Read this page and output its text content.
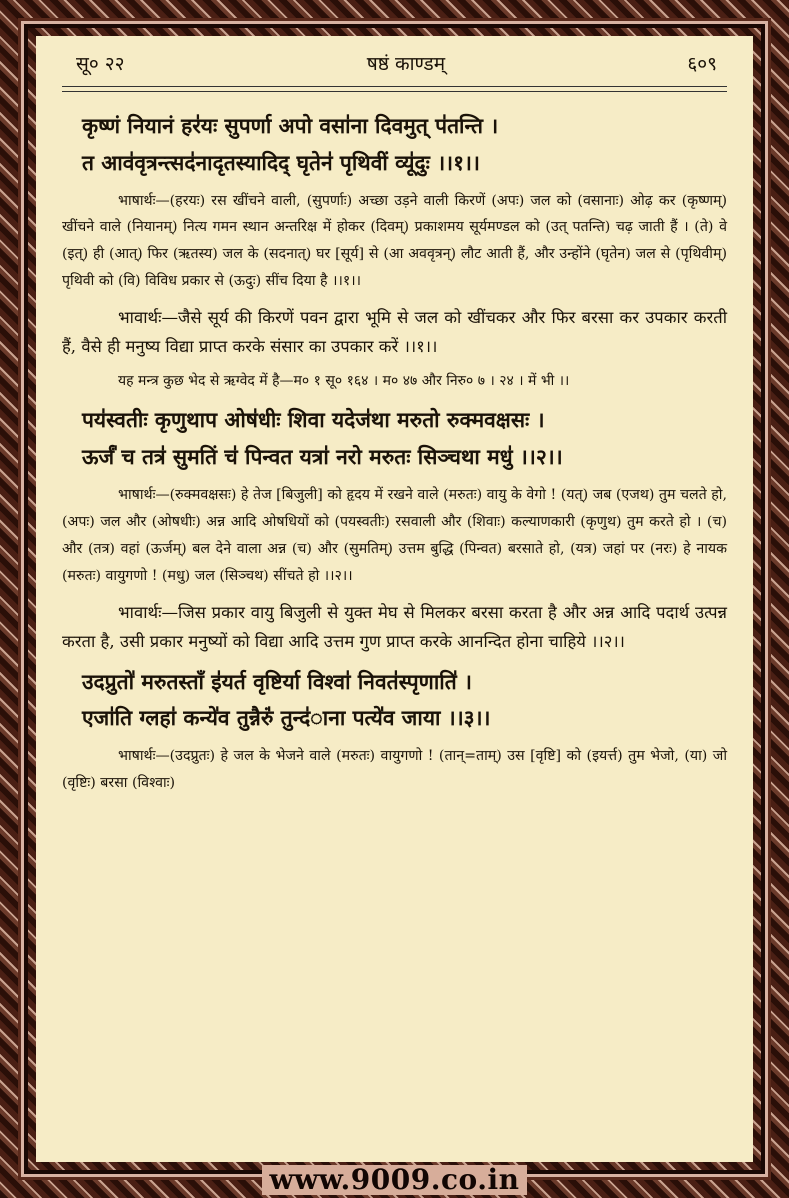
सू० २२	षष्ठं काण्डम्	६०९

कृष्णं नियानं हर॑यः सुपर्णा अपो वसा॑ना दिवमुत् प॑तन्ति ।

त आव॑वृत्रन्त्सद॑नादृतस्यादिद् घृतेन॑ पृथिवीं व्यू॑दुः ।।१।।

भाषार्थः—(हरयः) रस खींचने वाली, (सुपर्णाः) अच्छा उड़ने वाली किरणें (अपः) जल को (वसानाः) ओढ़ कर (कृष्णम्) खींचने वाले (नियानम्) नित्य गमन स्थान अन्तरिक्ष में होकर (दिवम्) प्रकाशमय सूर्यमण्डल को (उत् पतन्ति) चढ़ जाती हैं । (ते) वे (इत्) ही (आत्) फिर (ऋतस्य) जल के (सदनात्) घर [सूर्य] से (आ अववृत्रन्) लौट आती हैं, और उन्होंने (घृतेन) जल से (पृथिवीम्) पृथिवी को (वि) विविध प्रकार से (ऊदुः) सींच दिया है ।।१।।

भावार्थः—जैसे सूर्य की किरणें पवन द्वारा भूमि से जल को खींचकर और फिर बरसा कर उपकार करती हैं, वैसे ही मनुष्य विद्या प्राप्त करके संसार का उपकार करें ।।१।।

यह मन्त्र कुछ भेद से ऋग्वेद में है—म० १ सू० १६४ । म० ४७ और निरु० ७ । २४ । में भी ।।

पय॑स्वतीः कृणुथाप ओष॑धीः शिवा यदेज॑था मरुतो रुक्मवक्षसः ।

ऊर्जं॑ च तत्र॑ सुमतिं च॑ पिन्वत यत्रा॑ नरो मरुतः सिञ्चथा मधु॑ ।।२।।

भाषार्थः—(रुक्मवक्षसः) हे तेज [बिजुली] को हृदय में रखने वाले (मरुतः) वायु के वेगो ! (यत्) जब (एजथ) तुम चलते हो, (अपः) जल और (ओषधीः) अन्न आदि ओषधियों को (पयस्वतीः) रसवाली और (शिवाः) कल्याणकारी (कृणुथ) तुम करते हो । (च) और (तत्र) वहां (ऊर्जम्) बल देने वाला अन्न (च) और (सुमतिम्) उत्तम बुद्धि (पिन्वत) बरसाते हो, (यत्र) जहां पर (नरः) हे नायक (मरुतः) वायुगणो ! (मधु) जल (सिञ्चथ) सींचते हो ।।२।।

भावार्थः—जिस प्रकार वायु बिजुली से युक्त मेघ से मिलकर बरसा करता है और अन्न आदि पदार्थ उत्पन्न करता है, उसी प्रकार मनुष्यों को विद्या आदि उत्तम गुण प्राप्त करके आनन्दित होना चाहिये ।।२।।

उदप्रुतो॑ मरुतस्ताँ इ॑यर्त वृष्टिर्या विश्वा॑ निवत॑स्पृणाति॑ ।

एजा॑ति ग्लहा॑ कन्ये॑व तुन्नैरुं॑ तुन्द॑ाना पत्ये॑व जाया ।।३।।

भाषार्थः—(उदप्रुतः) हे जल के भेजने वाले (मरुतः) वायुगणो ! (तान्=ताम्) उस [वृष्टि] को (इयर्त्त) तुम भेजो, (या) जो (वृष्टिः) बरसा (विश्वाः)

www.9009.co.in
